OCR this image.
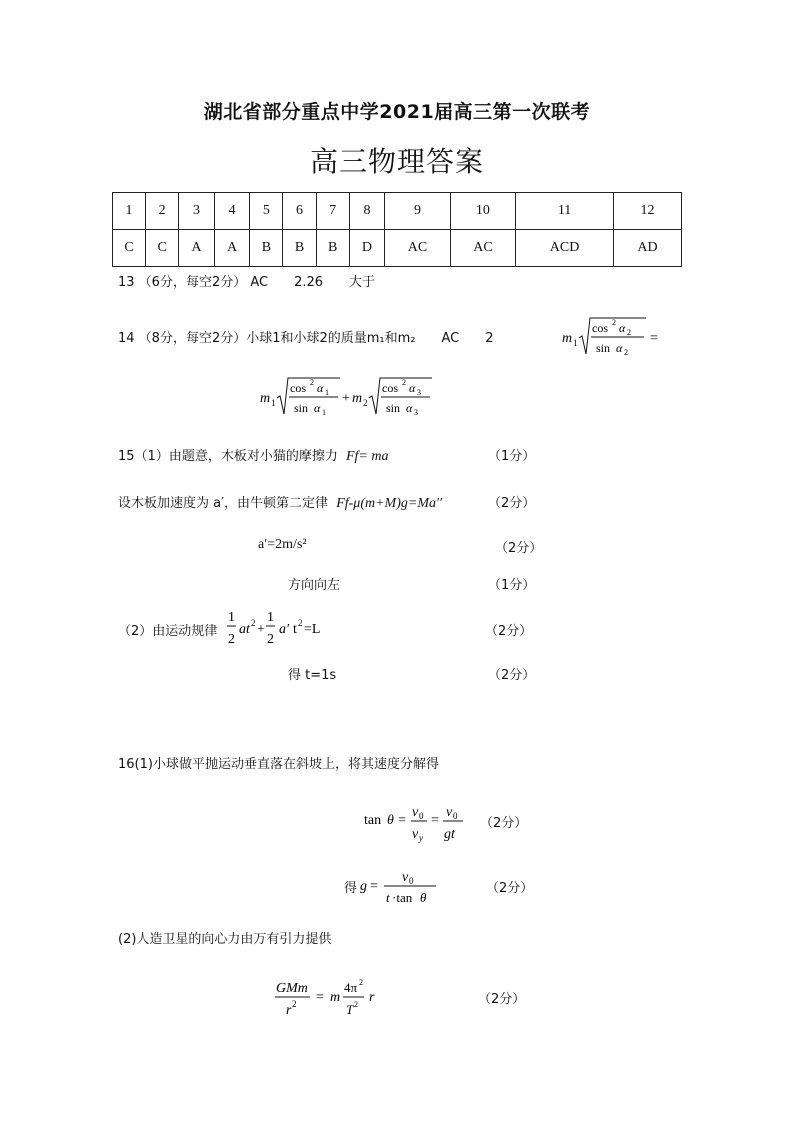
湖北省部分重点中学2021届高三第一次联考
高三物理答案
1	2	3	4	5	6	7	8	9	10	11	12
C	C	A	A	B	B	B	D	AC	AC	ACD	AD
13 （6分，每空2分） AC　　2.26　　大于
14 （8分，每空2分）小球1和小球2的质量m₁和m₂　　AC　　2	m 1
cos 2 α 2
sin α 2
=
m 1
cos 2 α 1
sin α 1
+ m 2
cos 2 α 3
sin α 3
15（1）由题意，木板对小猫的摩擦力 Ff= ma	（1分）
设木板加速度为 a′，由牛顿第二定律 Ff-μ(m+M)g=Ma′′	（2分）
a′=2m/s²	（2分）
方向向左	（1分）
（2）由运动规律
1
2
at 2 +
1
2
a′ t 2 =L	（2分）
得 t=1s	（2分）
16(1)小球做平抛运动垂直落在斜坡上，将其速度分解得
tan θ =
v 0
v y
=
v 0
gt
（2分）
得 g =
v 0
t ·tan θ
（2分）
(2)人造卫星的向心力由万有引力提供
GMm
r 2 = m
4π 2
T 2 r	（2分）
